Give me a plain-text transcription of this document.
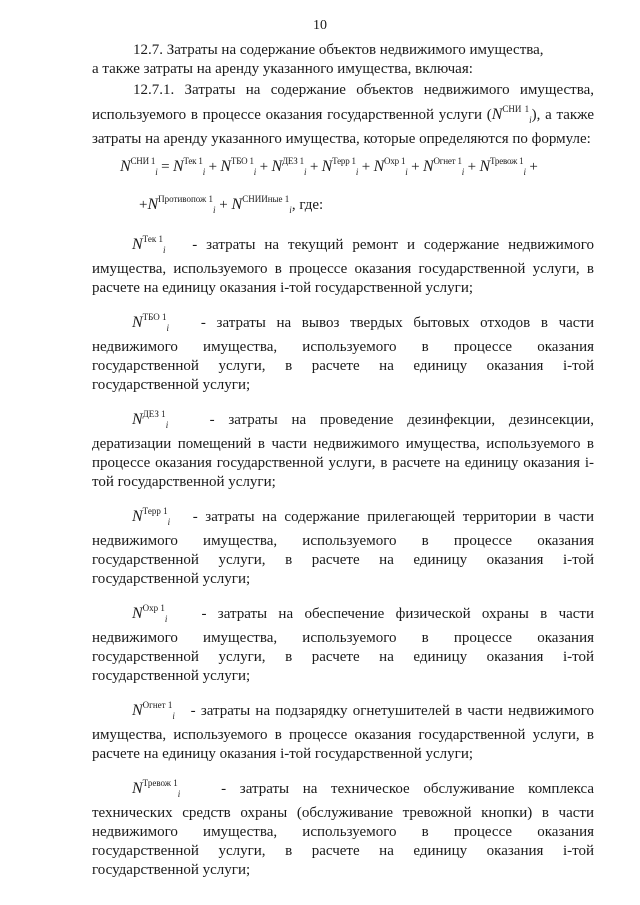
10

12.7. Затраты на содержание объектов недвижимого имущества,
а также затраты на аренду указанного имущества, включая:

12.7.1. Затраты на содержание объектов недвижимого имущества, используемого в процессе оказания государственной услуги $(N^{СНИ 1}_i)$, а также затраты на аренду указанного имущества, которые определяются по формуле:

$N^{СНИ 1}_i = N^{Тек 1}_i + N^{ТБО 1}_i + N^{ДЕЗ 1}_i + N^{Терр 1}_i + N^{Охр 1}_i + N^{Огнет 1}_i + N^{Тревож 1}_i$ +
$+N^{Противопож 1}_i + N^{СНИИные 1}_i$, где:

$N^{Тек 1}_i$ - затраты на текущий ремонт и содержание недвижимого имущества, используемого в процессе оказания государственной услуги, в расчете на единицу оказания i-той государственной услуги;

$N^{ТБО 1}_i$ - затраты на вывоз твердых бытовых отходов в части недвижимого имущества, используемого в процессе оказания государственной услуги, в расчете на единицу оказания i-той государственной услуги;

$N^{ДЕЗ 1}_i$	- затраты на проведение дезинфекции, дезинсекции, дератизации помещений в части недвижимого имущества, используемого в процессе оказания государственной услуги, в расчете на единицу оказания i-той государственной услуги;

$N^{Терр 1}_i$ - затраты на содержание прилегающей территории в части недвижимого имущества, используемого в процессе оказания государственной услуги, в расчете на единицу оказания i-той государственной услуги;

$N^{Охр 1}_i$ - затраты на обеспечение физической охраны в части недвижимого имущества, используемого в процессе оказания государственной услуги, в расчете на единицу оказания i-той государственной услуги;

$N^{Огнет 1}_i$ - затраты на подзарядку огнетушителей в части недвижимого имущества, используемого в процессе оказания государственной услуги, в расчете на единицу оказания i-той государственной услуги;

$N^{Тревож 1}_i$	- затраты на техническое обслуживание комплекса технических средств охраны (обслуживание тревожной кнопки) в части недвижимого имущества, используемого в процессе оказания государственной услуги, в расчете на единицу оказания i-той государственной услуги;
